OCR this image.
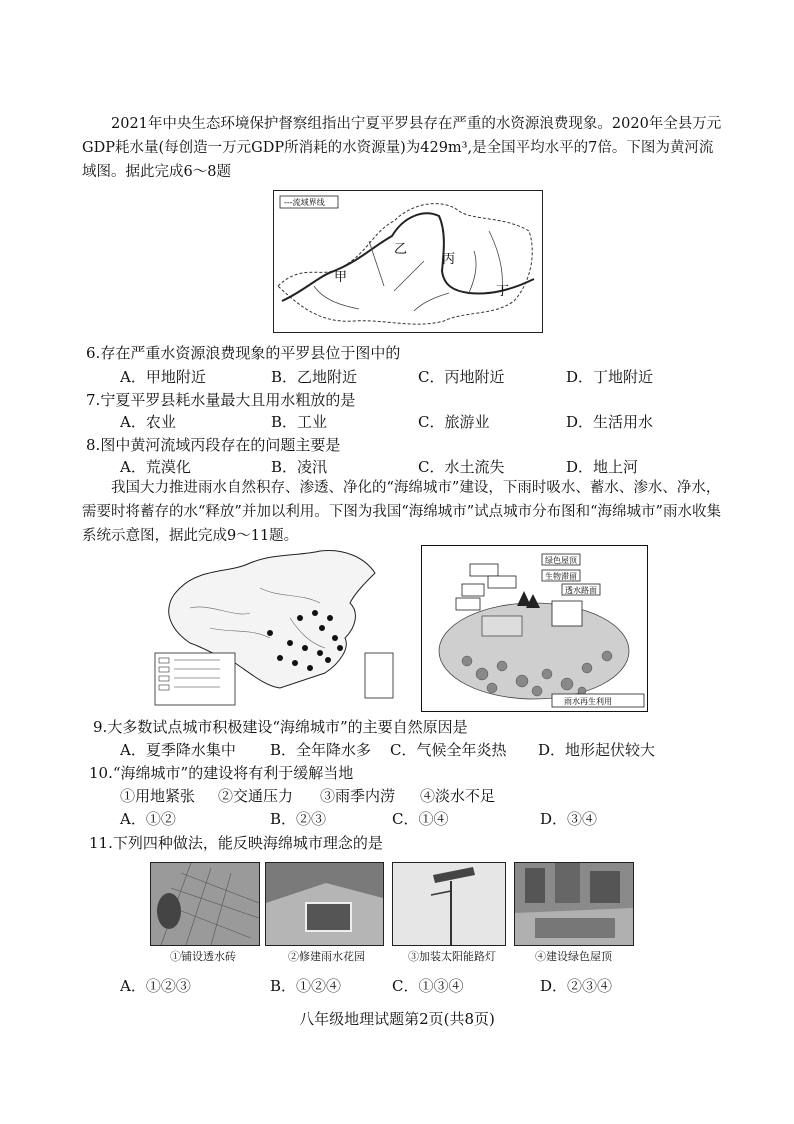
2021年中央生态环境保护督察组指出宁夏平罗县存在严重的水资源浪费现象。2020年全县万元GDP耗水量(每创造一万元GDP所消耗的水资源量)为429m³,是全国平均水平的7倍。下图为黄河流域图。据此完成6～8题
---流域界线
甲
乙
丙
丁
6.存在严重水资源浪费现象的平罗县位于图中的
A．甲地附近	B．乙地附近	C．丙地附近	D．丁地附近
7.宁夏平罗县耗水量最大且用水粗放的是
A．农业	B．工业	C．旅游业	D．生活用水
8.图中黄河流域丙段存在的问题主要是
A．荒漠化	B．凌汛	C．水土流失	D．地上河
我国大力推进雨水自然积存、渗透、净化的“海绵城市”建设，下雨时吸水、蓄水、渗水、净水，需要时将蓄存的水“释放”并加以利用。下图为我国“海绵城市”试点城市分布图和“海绵城市”雨水收集系统示意图，据此完成9～11题。
绿色屋顶
生物滞留
透水路面
雨水再生利用
9.大多数试点城市积极建设“海绵城市”的主要自然原因是
A．夏季降水集中 B．全年降水多 C．气候全年炎热 D．地形起伏较大
10.“海绵城市”的建设将有利于缓解当地
①用地紧张 ②交通压力 ③雨季内涝 ④淡水不足
A．①②	B．②③	C．①④	D．③④
11.下列四种做法，能反映海绵城市理念的是
①铺设透水砖	②修建雨水花园	③加装太阳能路灯	④建设绿色屋顶
A．①②③	B．①②④	C．①③④	D．②③④
八年级地理试题第2页(共8页)
